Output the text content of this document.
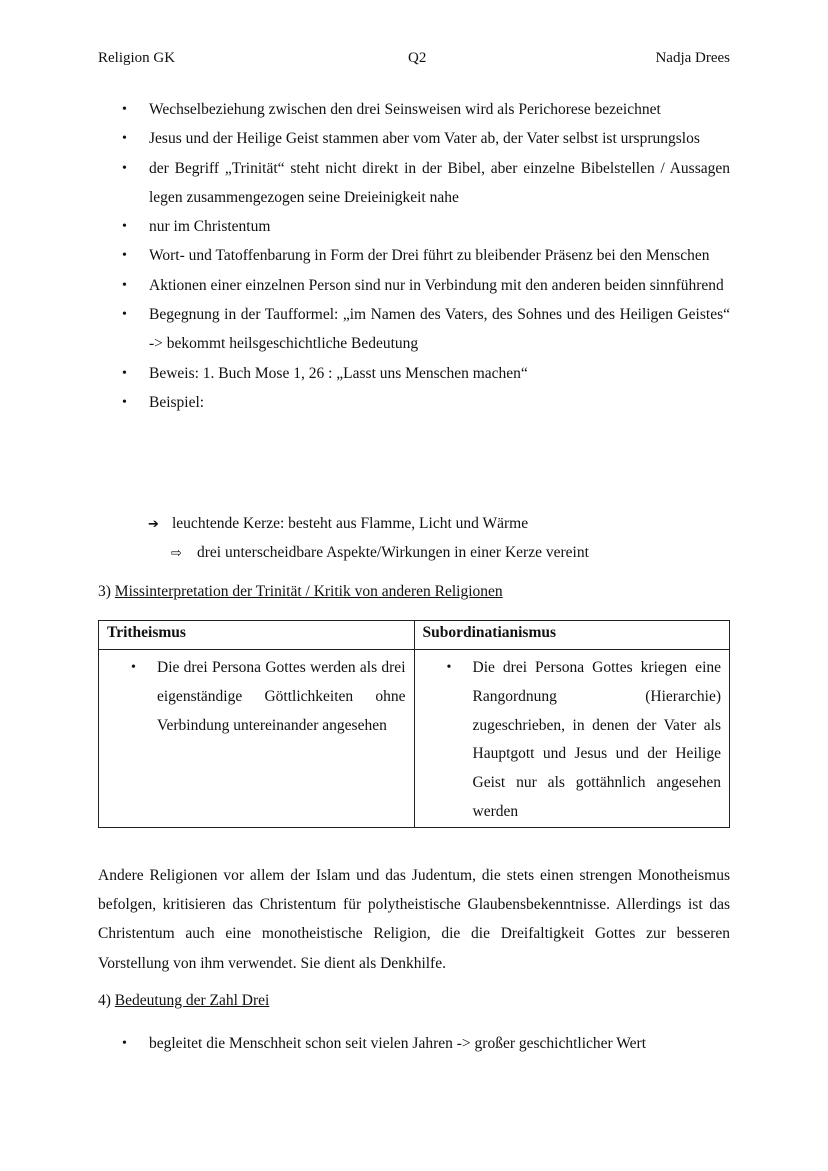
Religion GK	Q2	Nadja Drees
• Wechselbeziehung zwischen den drei Seinsweisen wird als Perichorese bezeichnet
• Jesus und der Heilige Geist stammen aber vom Vater ab, der Vater selbst ist ursprungslos
• der Begriff „Trinität“ steht nicht direkt in der Bibel, aber einzelne Bibelstellen / Aussagen legen zusammengezogen seine Dreieinigkeit nahe
• nur im Christentum
• Wort- und Tatoffenbarung in Form der Drei führt zu bleibender Präsenz bei den Menschen
• Aktionen einer einzelnen Person sind nur in Verbindung mit den anderen beiden sinnführend
• Begegnung in der Taufformel: „im Namen des Vaters, des Sohnes und des Heiligen Geistes“ -> bekommt heilsgeschichtliche Bedeutung
• Beweis: 1. Buch Mose 1, 26 : „Lasst uns Menschen machen“
• Beispiel:
➔ leuchtende Kerze: besteht aus Flamme, Licht und Wärme
⇨ drei unterscheidbare Aspekte/Wirkungen in einer Kerze vereint
3) Missinterpretation der Trinität / Kritik von anderen Religionen
Tritheismus	Subordinatianismus

• Die drei Persona Gottes werden als drei eigenständige Göttlichkeiten ohne Verbindung untereinander angesehen	• Die drei Persona Gottes kriegen eine Rangordnung (Hierarchie) zugeschrieben, in denen der Vater als Hauptgott und Jesus und der Heilige Geist nur als gottähnlich angesehen werden
Andere Religionen vor allem der Islam und das Judentum, die stets einen strengen Monotheismus befolgen, kritisieren das Christentum für polytheistische Glaubensbekenntnisse. Allerdings ist das Christentum auch eine monotheistische Religion, die die Dreifaltigkeit Gottes zur besseren Vorstellung von ihm verwendet. Sie dient als Denkhilfe.
4) Bedeutung der Zahl Drei
• begleitet die Menschheit schon seit vielen Jahren -> großer geschichtlicher Wert
